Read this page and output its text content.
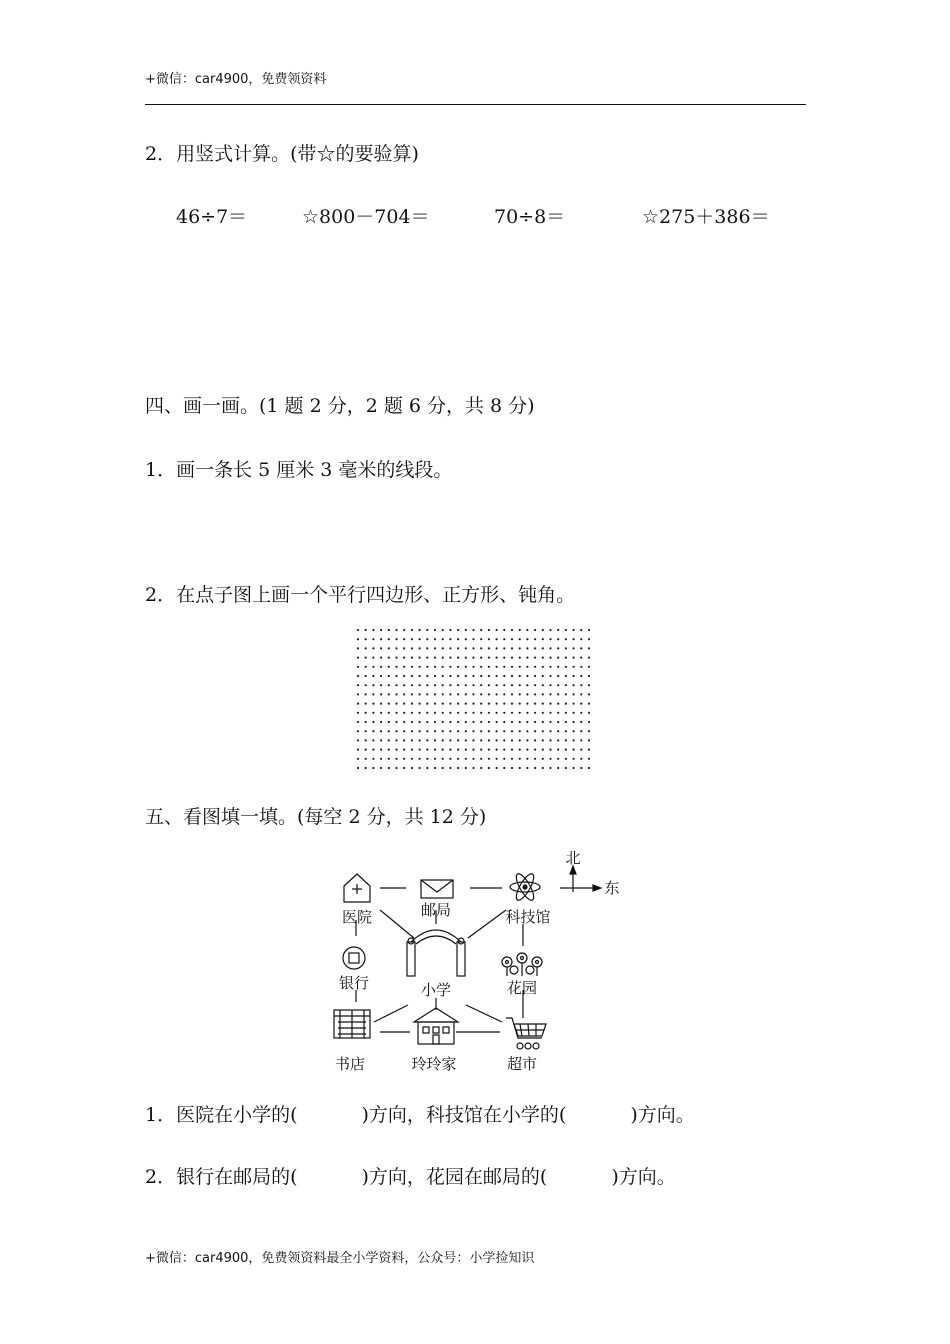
+微信：car4900，免费领资料
2．用竖式计算。(带☆的要验算)
46÷7＝	☆800－704＝	70÷8＝	☆275＋386＝
四、画一画。(1 题 2 分，2 题 6 分，共 8 分)
1．画一条长 5 厘米 3 毫米的线段。
2．在点子图上画一个平行四边形、正方形、钝角。
五、看图填一填。(每空 2 分，共 12 分)
北
东
医院	邮局	科技馆
银行	小学	花园
书店	玲玲家	超市
1．医院在小学的(	)方向，科技馆在小学的(	)方向。
2．银行在邮局的(	)方向，花园在邮局的(	)方向。
+微信：car4900，免费领资料最全小学资料，公众号：小学捡知识
